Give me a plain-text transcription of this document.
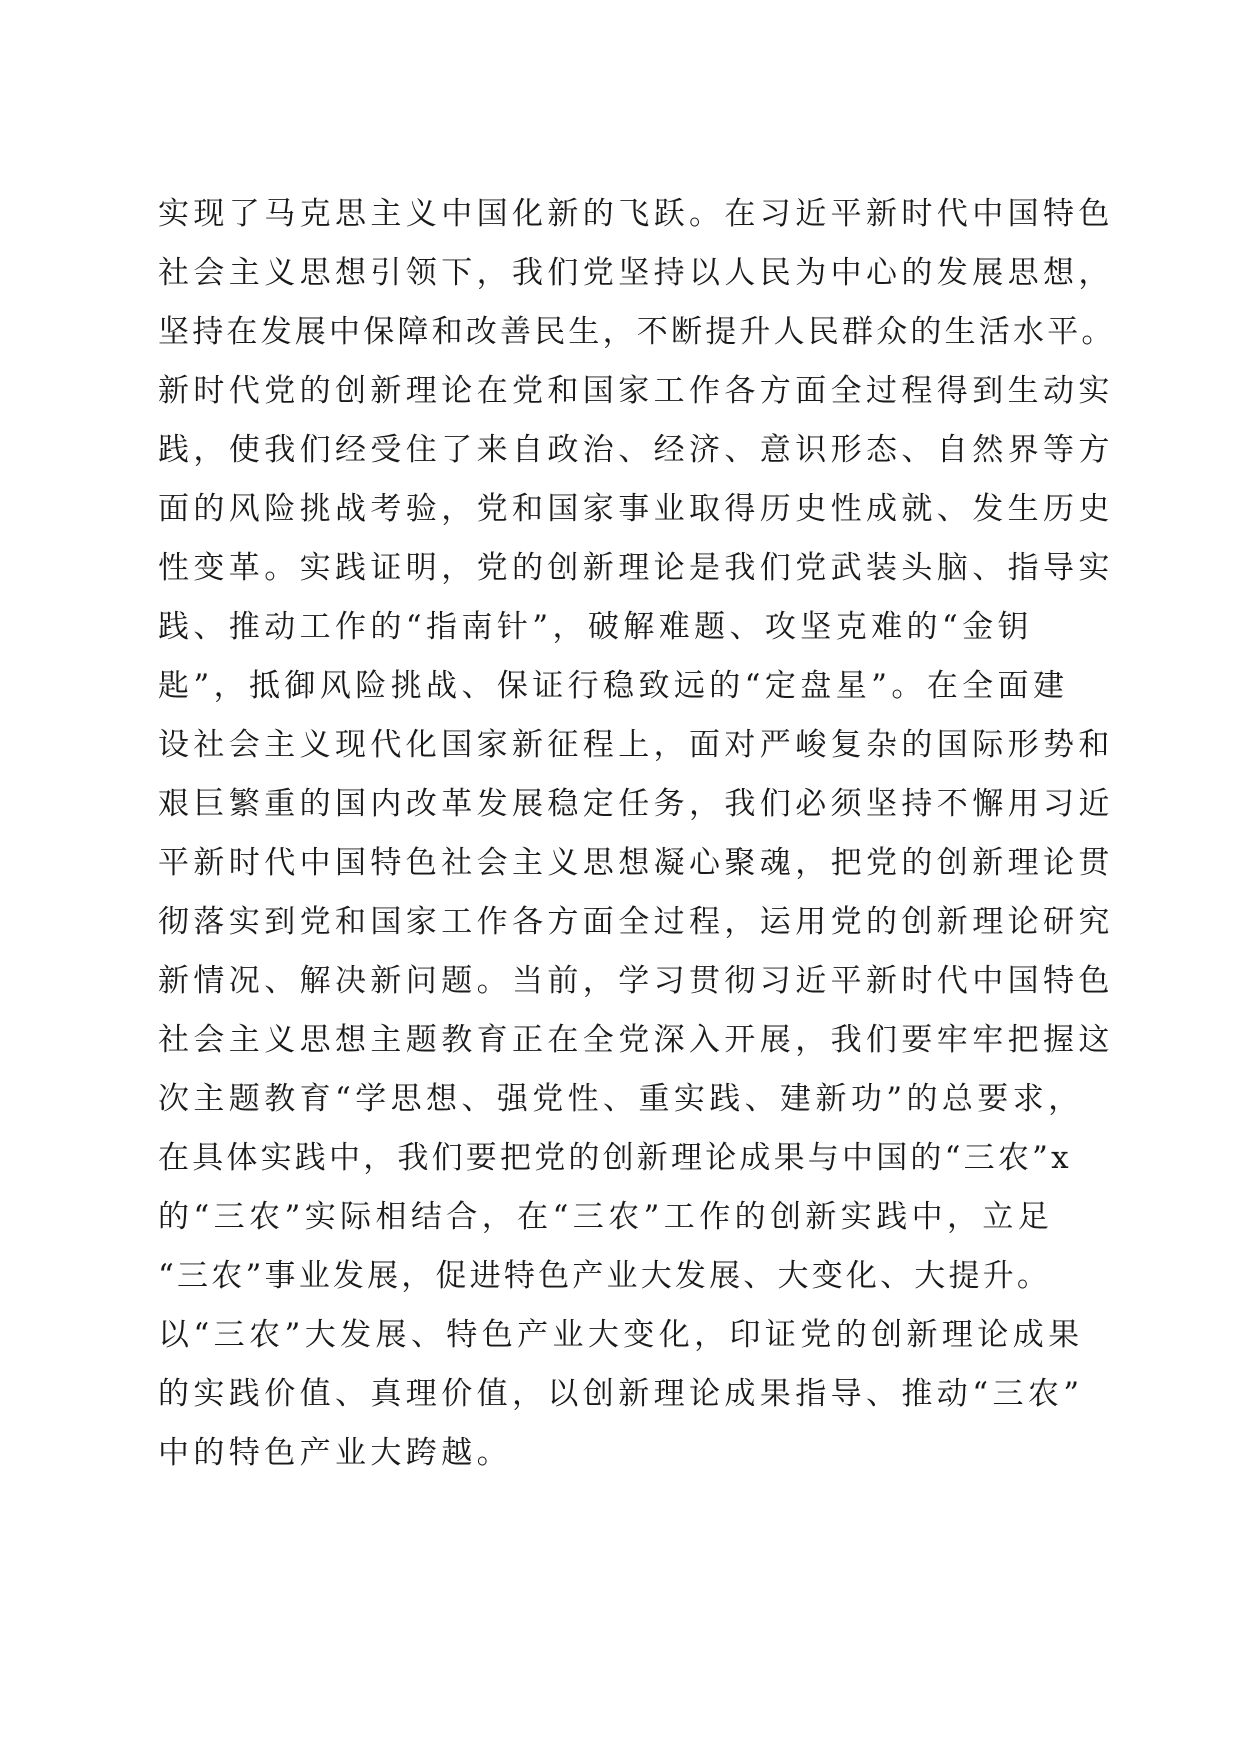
实现了马克思主义中国化新的飞跃。在习近平新时代中国特色
社会主义思想引领下，我们党坚持以人民为中心的发展思想，
坚持在发展中保障和改善民生，不断提升人民群众的生活水平。
新时代党的创新理论在党和国家工作各方面全过程得到生动实
践，使我们经受住了来自政治、经济、意识形态、自然界等方
面的风险挑战考验，党和国家事业取得历史性成就、发生历史
性变革。实践证明，党的创新理论是我们党武装头脑、指导实
践、推动工作的“指南针”，破解难题、攻坚克难的“金钥
匙”，抵御风险挑战、保证行稳致远的“定盘星”。在全面建
设社会主义现代化国家新征程上，面对严峻复杂的国际形势和
艰巨繁重的国内改革发展稳定任务，我们必须坚持不懈用习近
平新时代中国特色社会主义思想凝心聚魂，把党的创新理论贯
彻落实到党和国家工作各方面全过程，运用党的创新理论研究
新情况、解决新问题。当前，学习贯彻习近平新时代中国特色
社会主义思想主题教育正在全党深入开展，我们要牢牢把握这
次主题教育“学思想、强党性、重实践、建新功”的总要求，
在具体实践中，我们要把党的创新理论成果与中国的“三农”x
的“三农”实际相结合，在“三农”工作的创新实践中，立足
“三农”事业发展，促进特色产业大发展、大变化、大提升。
以“三农”大发展、特色产业大变化，印证党的创新理论成果
的实践价值、真理价值，以创新理论成果指导、推动“三农”
中的特色产业大跨越。
